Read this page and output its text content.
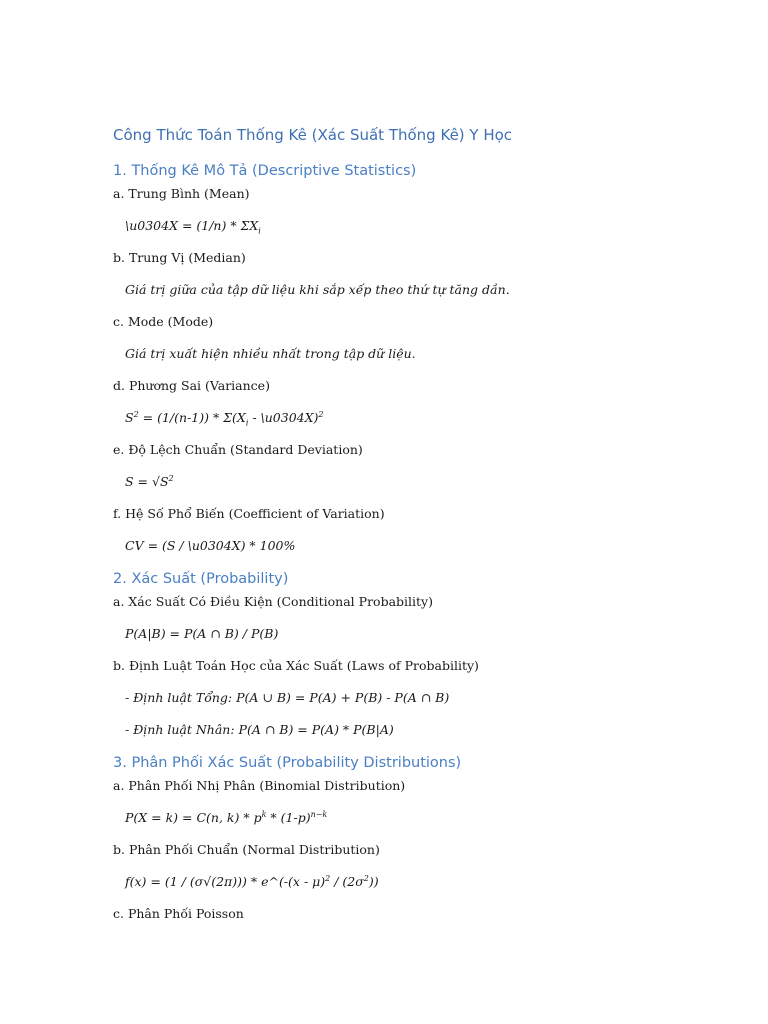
Công Thức Toán Thống Kê (Xác Suất Thống Kê) Y Học
1. Thống Kê Mô Tả (Descriptive Statistics)
a. Trung Bình (Mean)
\u0304X = $(1/n) * \Sigma X_i$
b. Trung Vị (Median)
Giá trị giữa của tập dữ liệu khi sắp xếp theo thứ tự tăng dần.
c. Mode (Mode)
Giá trị xuất hiện nhiều nhất trong tập dữ liệu.
d. Phương Sai (Variance)
$S^2 = (1/(n-1)) * \Sigma(X_i$ - \u0304X)$^2$
e. Độ Lệch Chuẩn (Standard Deviation)
$S = √S^2$
f. Hệ Số Phổ Biến (Coefficient of Variation)
CV = (S / \u0304X) * 100%
2. Xác Suất (Probability)
a. Xác Suất Có Điều Kiện (Conditional Probability)
P(A|B) = P(A ∩ B) / P(B)
b. Định Luật Toán Học của Xác Suất (Laws of Probability)
- Định luật Tổng: P(A ∪ B) = P(A) + P(B) - P(A ∩ B)
- Định luật Nhân: P(A ∩ B) = P(A) * P(B|A)
3. Phân Phối Xác Suất (Probability Distributions)
a. Phân Phối Nhị Phân (Binomial Distribution)
P(X = k) = C(n, $k) * p^k * (1-p)^{n-k}$
b. Phân Phối Chuẩn (Normal Distribution)
f(x) = (1 / (σ√(2π))) * e^(-(x - $\mu)^2 / (2\sigma^2)$)
c. Phân Phối Poisson
